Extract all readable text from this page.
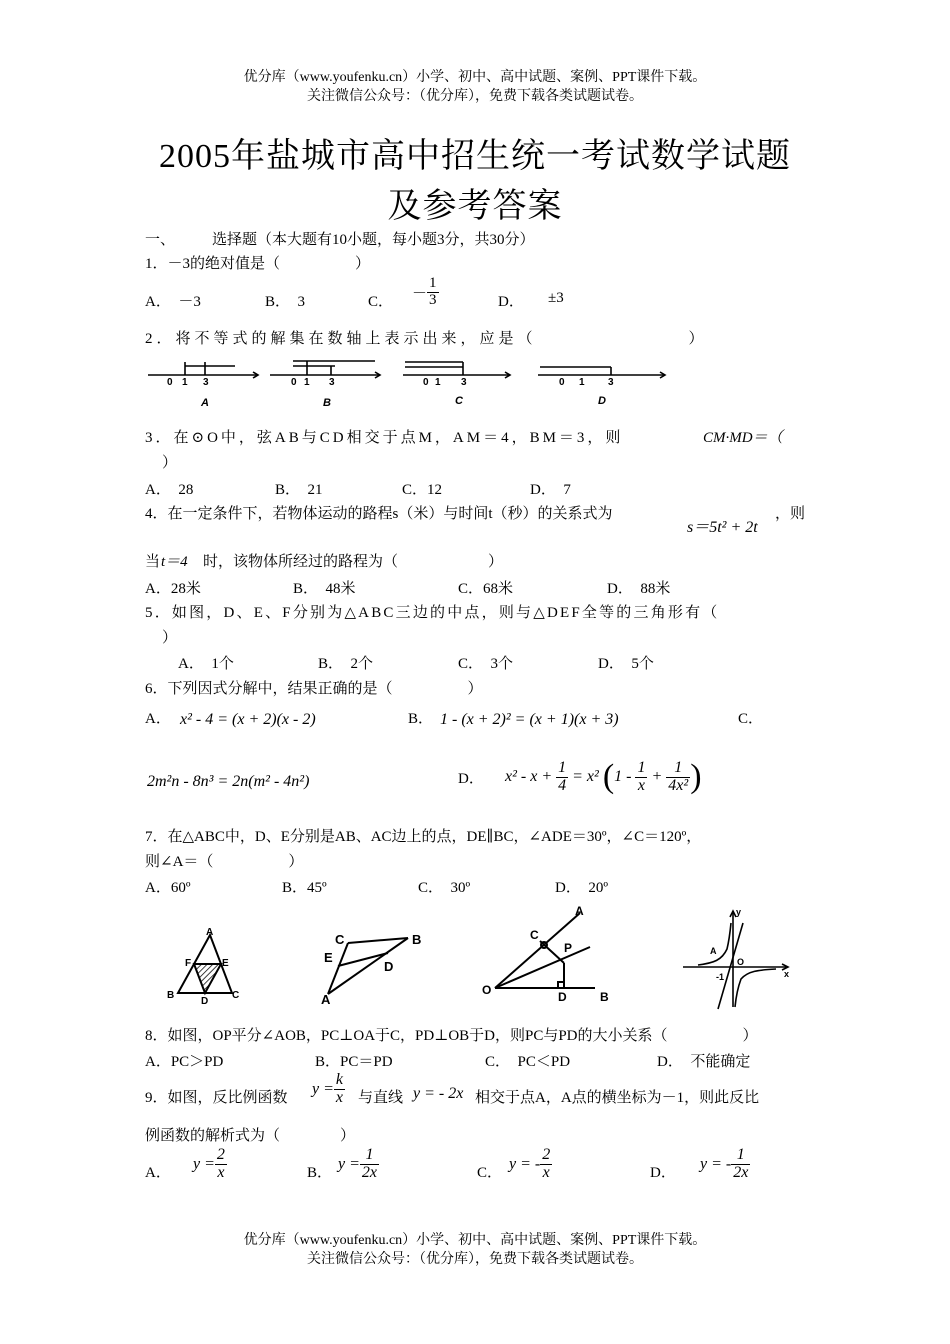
优分库（www.youfenku.cn）小学、初中、高中试题、案例、PPT课件下载。
关注微信公众号：（优分库），免费下载各类试题试卷。
2005年盐城市高中招生统一考试数学试题
及参考答案
一、 选择题（本大题有10小题，每小题3分，共30分）
1．－3的绝对值是（　　　　　）
A．　－3	B．　3	C．
－ $\frac{1}{3}$	D． ±3
2．将不等式的解集在数轴上表示出来，应是（　　　　　　　　）
0 1 3	0 1 3	0 1 3	0 1 3
A	B	C	D
3．在⊙O中，弦AB与CD相交于点M，AM＝4，BM＝3，则	CM·MD＝（
）
A．　28	B．　21	C．12	D．　7
4．在一定条件下，若物体运动的路程s（米）与时间t（秒）的关系式为
s＝5t² + 2t
，则
当 t＝4 时，该物体所经过的路程为（　　　　　　）
A．28米	B．　48米	C．68米	D．　88米
5．如图，D、E、F分别为△ABC三边的中点，则与△DEF全等的三角形有（
）
A．　1个	B．　2个	C．　3个	D．　5个
6．下列因式分解中，结果正确的是（　　　　　）
A． x² - 4 = (x + 2)(x - 2)	B． 1 - (x + 2)² = (x + 1)(x + 3)	C．
2m²n - 8n³ = 2n(m² - 4n²)	D． $x^2 - x + \frac{1}{4} = x^2$ ($1 - \frac{1}{x} + \frac{1}{\text{4x²}}$ )
7．在△ABC中，D、E分别是AB、AC边上的点，DE∥BC，∠ADE＝30º，∠C＝120º，
则∠A＝（　　　　　）
A．60º	B．45º	C．　30º	D．　20º
A
B	C
D
E
F
C	B
E
D
A
O
A
C
P
D	B
y
x
O
A
-1
8．如图，OP平分∠AOB，PC⊥OA于C，PD⊥OB于D，则PC与PD的大小关系（　　　　　）
A．PC＞PD	B．PC＝PD	C．　PC＜PD	D．　不能确定
9．如图，反比例函数
$y = \frac{k}{x}$ 与直线 y = - 2x 相交于点A，A点的横坐标为－1，则此反比
例函数的解析式为（　　　　）
A．
$y = \frac{2}{x}$	B．
$y = \frac{1}{2x}$	C．
y = - $\frac{2}{x}$	D．
y = - $\frac{1}{2x}$
优分库（www.youfenku.cn）小学、初中、高中试题、案例、PPT课件下载。
关注微信公众号：（优分库），免费下载各类试题试卷。
